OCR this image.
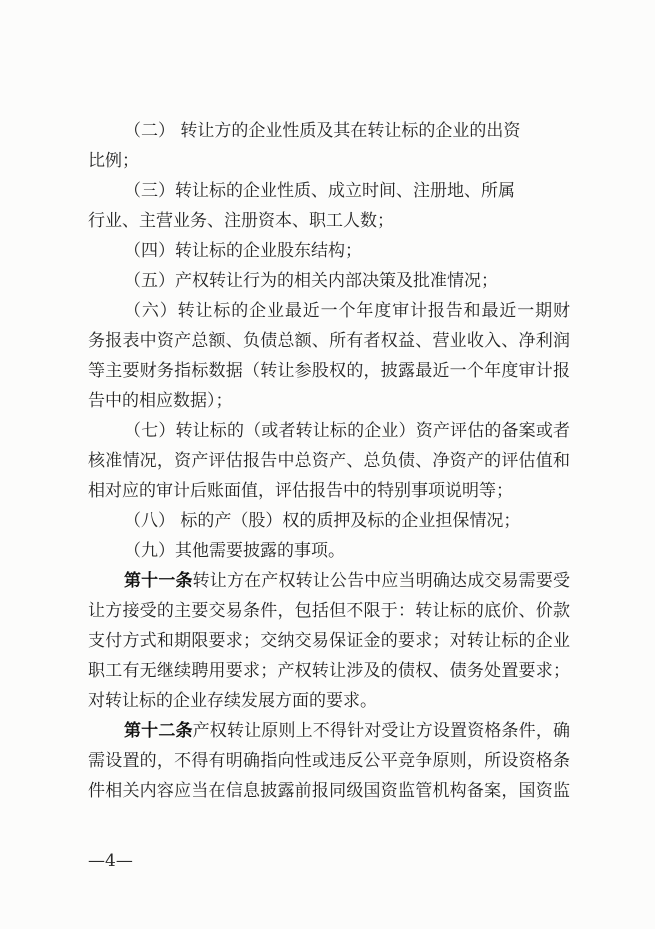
（二） 转让方的企业性质及其在转让标的企业的出资
比例；
（三）转让标的企业性质、成立时间、注册地、所属
行业、主营业务、注册资本、职工人数；
（四）转让标的企业股东结构；
（五）产权转让行为的相关内部决策及批准情况；
（六）转让标的企业最近一个年度审计报告和最近一期财
务报表中资产总额、负债总额、所有者权益、营业收入、净利润
等主要财务指标数据（转让参股权的，披露最近一个年度审计报
告中的相应数据）；
（七）转让标的（或者转让标的企业）资产评估的备案或者
核准情况，资产评估报告中总资产、总负债、净资产的评估值和
相对应的审计后账面值，评估报告中的特别事项说明等；
（八） 标的产（股）权的质押及标的企业担保情况；
（九）其他需要披露的事项。
第十一条转让方在产权转让公告中应当明确达成交易需要受
让方接受的主要交易条件，包括但不限于：转让标的底价、价款
支付方式和期限要求；交纳交易保证金的要求；对转让标的企业
职工有无继续聘用要求；产权转让涉及的债权、债务处置要求；
对转让标的企业存续发展方面的要求。
第十二条产权转让原则上不得针对受让方设置资格条件，确
需设置的，不得有明确指向性或违反公平竞争原则，所设资格条
件相关内容应当在信息披露前报同级国资监管机构备案，国资监
—4—
